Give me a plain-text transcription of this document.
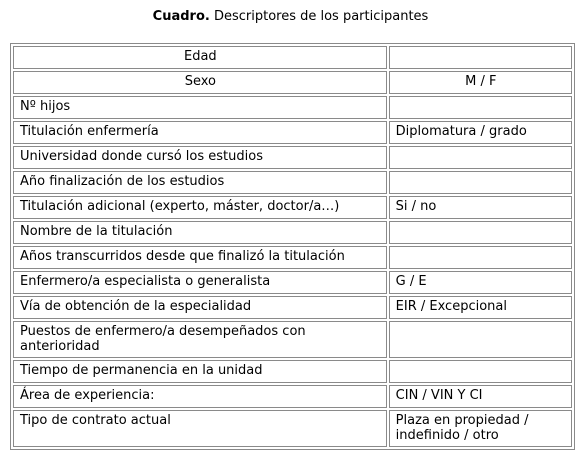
Cuadro. Descriptores de los participantes
Edad	
Sexo	M / F
Nº hijos	
Titulación enfermería	Diplomatura / grado
Universidad donde cursó los estudios	
Año finalización de los estudios	
Titulación adicional (experto, máster, doctor/a…)	Si / no
Nombre de la titulación	
Años transcurridos desde que finalizó la titulación	
Enfermero/a especialista o generalista	G / E
Vía de obtención de la especialidad	EIR / Excepcional
Puestos de enfermero/a desempeñados con anterioridad	
Tiempo de permanencia en la unidad	
Área de experiencia:	CIN / VIN Y CI
Tipo de contrato actual	Plaza en propiedad / indefinido / otro
